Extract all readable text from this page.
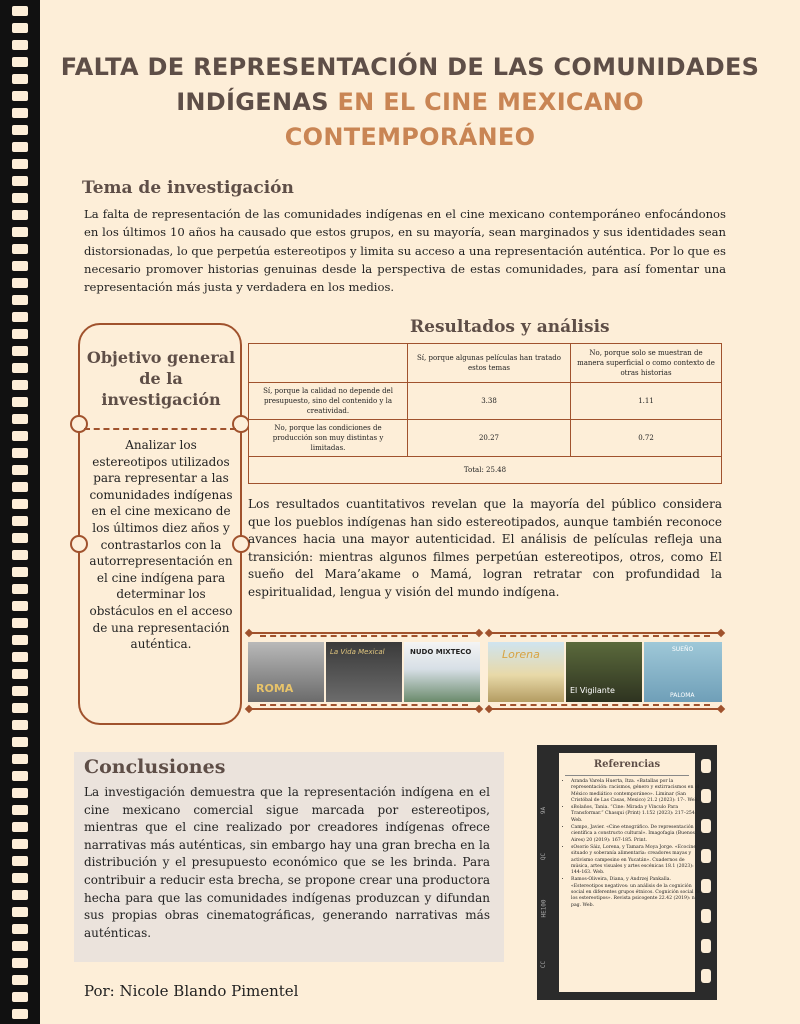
FALTA DE REPRESENTACIÓN DE LAS COMUNIDADES INDÍGENAS EN EL CINE MEXICANO CONTEMPORÁNEO
Tema de investigación

La falta de representación de las comunidades indígenas en el cine mexicano contemporáneo enfocándonos en los últimos 10 años ha causado que estos grupos, en su mayoría, sean marginados y sus identidades sean distorsionadas, lo que perpetúa estereotipos y limita su acceso a una representación auténtica. Por lo que es necesario promover historias genuinas desde la perspectiva de estas comunidades, para así fomentar una representación más justa y verdadera en los medios.

Objetivo general de la investigación

Analizar los estereotipos utilizados para representar a las comunidades indígenas en el cine mexicano de los últimos diez años y contrastarlos con la autorrepresentación en el cine indígena para determinar los obstáculos en el acceso de una representación auténtica.

Resultados y análisis
	Sí, porque algunas películas han tratado estos temas	No, porque solo se muestran de manera superficial o como contexto de otras historias
Sí, porque la calidad no depende del presupuesto, sino del contenido y la creatividad.	3.38	1.11
No, porque las condiciones de producción son muy distintas y limitadas.	20.27	0.72
Total: 25.48		

Los resultados cuantitativos revelan que la mayoría del público considera que los pueblos indígenas han sido estereotipados, aunque también reconoce avances hacia una mayor autenticidad. El análisis de películas refleja una transición: mientras algunos filmes perpetúan estereotipos, otros, como El sueño del Mara’akame o Mamá, logran retratar con profundidad la espiritualidad, lengua y visión del mundo indígena.

ROMA
La Vida Mexical	NUDO MIXTECO	Lorena
El Vigilante
SUEÑO
PALOMA
Conclusiones

La investigación demuestra que la representación indígena en el cine mexicano comercial sigue marcada por estereotipos, mientras que el cine realizado por creadores indígenas ofrece narrativas más auténticas, sin embargo hay una gran brecha en la distribución y el presupuesto económico que se les brinda. Para contribuir a reducir esta brecha, se propone crear una productora hecha para que las comunidades indígenas produzcan y difundan sus propias obras cinematográficas, generando narrativas más auténticas.

Por: Nicole Blando Pimentel

9A
QC
HE100
CC
Referencias
• Aranda Varela Huerta, Itza. «Batallas por la representación: racismos, género y extirracismos en el México mediático contemporáneo». Liminar (San Cristóbal de Las Casas, Mexico) 21.2 (2023): 17-. Web.
• sBolaños, Tania. “Cine: Mirada y Vínculo Para Transformar.” Chasqui (Print) 1.152 (2023): 217–254. Web.
• Campo, Javier. «Cine etnográfico. De representación científica a constructo cultural». Imagofagia (Buenos Aires) 20 (2019): 167-185. Print.
• sOsorio Sáiz, Lorena, y Tamara Moya Jorge. «Ecocine situado y soberanía alimentaria: creadores mayas y activismo campesino en Yucatán». Cuadernos de música, artes visuales y artes escénicas 18.1 (2023): 144-163. Web.
• Ramos-Oliveira, Diana, y Andrzej Pankalla. «Estereotipos negativos: un análisis de la cognición social en diferentes grupos étnicos. Cognición social de los estereotipos». Revista psicogente 22.42 (2019): n. pag. Web.
